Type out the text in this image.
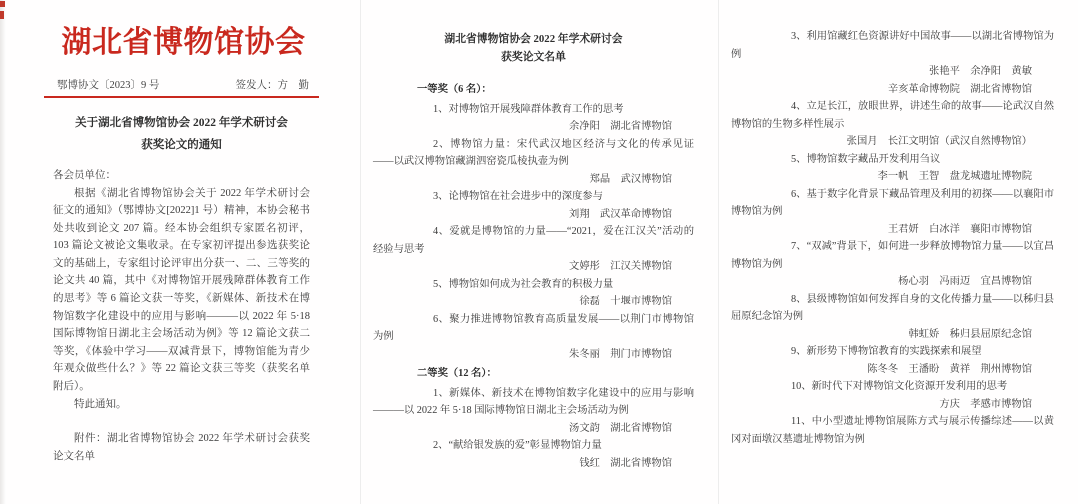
湖北省博物馆协会
鄂博协文〔2023〕9 号	签发人：方　勤
关于湖北省博物馆协会 2022 年学术研讨会
获奖论文的通知
各会员单位：

根据《湖北省博物馆协会关于 2022 年学术研讨会征文的通知》（鄂博协文[2022]1 号）精神，本协会秘书处共收到论文 207 篇。经本协会组织专家匿名初评，103 篇论文被论文集收录。在专家初评提出参选获奖论文的基础上，专家组讨论评审出分获一、二、三等奖的论文共 40 篇，其中《对博物馆开展残障群体教育工作的思考》等 6 篇论文获一等奖，《新媒体、新技术在博物馆数字化建设中的应用与影响———以 2022 年 5·18 国际博物馆日湖北主会场活动为例》等 12 篇论文获二等奖，《体验中学习——双减背景下，博物馆能为青少年观众做些什么？》等 22 篇论文获三等奖（获奖名单附后）。

特此通知。

附件：湖北省博物馆协会 2022 年学术研讨会获奖论文名单

湖北省博物馆协会 2022 年学术研讨会
获奖论文名单
一等奖（6 名）：
1、对博物馆开展残障群体教育工作的思考
余净阳　湖北省博物馆
2、博物馆力量：宋代武汉地区经济与文化的传承见证——以武汉博物馆藏湖泗窑瓷瓜棱执壶为例
郑晶　武汉博物馆
3、论博物馆在社会进步中的深度参与
刘翔　武汉革命博物馆
4、爱就是博物馆的力量——“2021，爱在江汉关”活动的经验与思考
文婷彤　江汉关博物馆
5、博物馆如何成为社会教育的积极力量
徐磊　十堰市博物馆
6、聚力推进博物馆教育高质量发展——以荆门市博物馆为例
朱冬丽　荆门市博物馆
二等奖（12 名）：
1、新媒体、新技术在博物馆数字化建设中的应用与影响———以 2022 年 5·18 国际博物馆日湖北主会场活动为例
汤文韵　湖北省博物馆
2、“献给银发族的爱”彰显博物馆力量
钱红　湖北省博物馆
3、利用馆藏红色资源讲好中国故事——以湖北省博物馆为例
张艳平　余净阳　黄敏
辛亥革命博物院　湖北省博物馆
4、立足长江，放眼世界，讲述生命的故事——论武汉自然博物馆的生物多样性展示
张国月　长江文明馆（武汉自然博物馆）
5、博物馆数字藏品开发利用刍议
李一帆　王智　盘龙城遗址博物院
6、基于数字化背景下藏品管理及利用的初探——以襄阳市博物馆为例
王君妍　白冰洋　襄阳市博物馆
7、“双减”背景下，如何进一步释放博物馆力量——以宜昌博物馆为例
杨心羽　冯雨迈　宜昌博物馆
8、县级博物馆如何发挥自身的文化传播力量——以秭归县屈原纪念馆为例
韩虹娇　秭归县屈原纪念馆
9、新形势下博物馆教育的实践探索和展望
陈冬冬　王潘盼　黄祥　荆州博物馆
10、新时代下对博物馆文化资源开发利用的思考
方庆　孝感市博物馆
11、中小型遗址博物馆展陈方式与展示传播综述——以黄冈对面墩汉墓遗址博物馆为例
